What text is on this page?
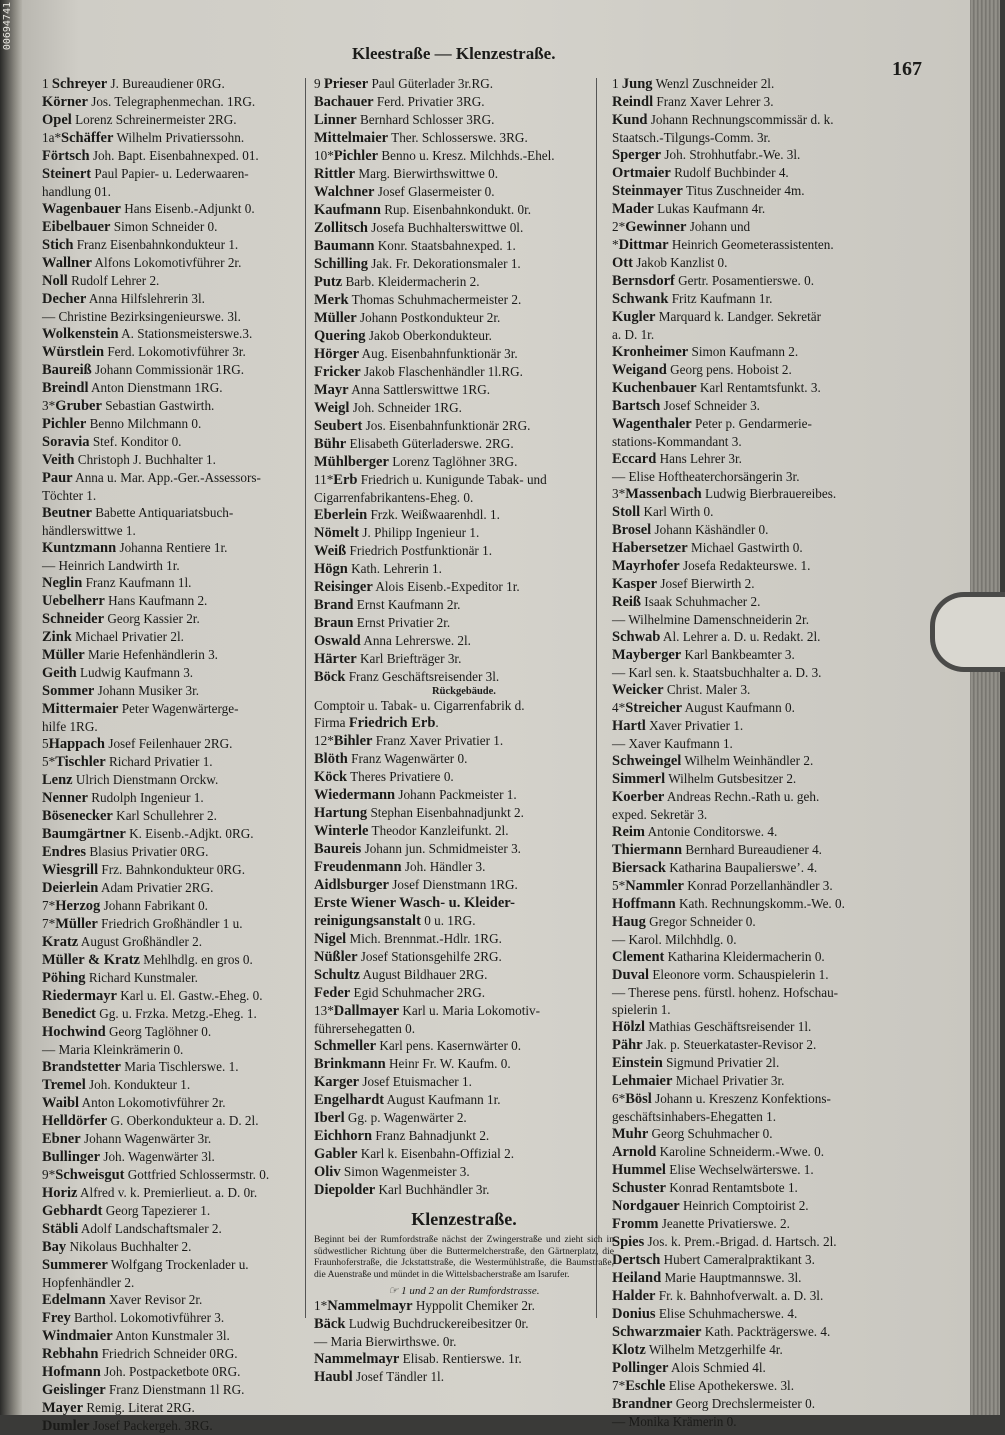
00694741
Kleestraße — Klenzestraße.
167
1 Schreyer J. Bureaudiener 0RG.
Körner Jos. Telegraphenmechan. 1RG.
Opel Lorenz Schreinermeister 2RG.
1a*Schäffer Wilhelm Privatierssohn.
Förtsch Joh. Bapt. Eisenbahnexped. 01.
Steinert Paul Papier- u. Lederwaaren-
handlung 01.
Wagenbauer Hans Eisenb.-Adjunkt 0.
Eibelbauer Simon Schneider 0.
Stich Franz Eisenbahnkondukteur 1.
Wallner Alfons Lokomotivführer 2r.
Noll Rudolf Lehrer 2.
Decher Anna Hilfslehrerin 3l.
— Christine Bezirksingenieurswe. 3l.
Wolkenstein A. Stationsmeisterswe.3.
Würstlein Ferd. Lokomotivführer 3r.
Baureiß Johann Commissionär 1RG.
Breindl Anton Dienstmann 1RG.
3*Gruber Sebastian Gastwirth.
Pichler Benno Milchmann 0.
Soravia Stef. Konditor 0.
Veith Christoph J. Buchhalter 1.
Paur Anna u. Mar. App.-Ger.-Assessors-
Töchter 1.
Beutner Babette Antiquariatsbuch-
händlerswittwe 1.
Kuntzmann Johanna Rentiere 1r.
— Heinrich Landwirth 1r.
Neglin Franz Kaufmann 1l.
Uebelherr Hans Kaufmann 2.
Schneider Georg Kassier 2r.
Zink Michael Privatier 2l.
Müller Marie Hefenhändlerin 3.
Geith Ludwig Kaufmann 3.
Sommer Johann Musiker 3r.
Mittermaier Peter Wagenwärterge-
hilfe 1RG.
5Happach Josef Feilenhauer 2RG.
5*Tischler Richard Privatier 1.
Lenz Ulrich Dienstmann Orckw.
Nenner Rudolph Ingenieur 1.
Bösenecker Karl Schullehrer 2.
Baumgärtner K. Eisenb.-Adjkt. 0RG.
Endres Blasius Privatier 0RG.
Wiesgrill Frz. Bahnkondukteur 0RG.
Deierlein Adam Privatier 2RG.
7*Herzog Johann Fabrikant 0.
7*Müller Friedrich Großhändler 1 u.
Kratz August Großhändler 2.
Müller & Kratz Mehlhdlg. en gros 0.
Pöhing Richard Kunstmaler.
Riedermayr Karl u. El. Gastw.-Eheg. 0.
Benedict Gg. u. Frzka. Metzg.-Eheg. 1.
Hochwind Georg Taglöhner 0.
— Maria Kleinkrämerin 0.
Brandstetter Maria Tischlerswe. 1.
Tremel Joh. Kondukteur 1.
Waibl Anton Lokomotivführer 2r.
Helldörfer G. Oberkondukteur a. D. 2l.
Ebner Johann Wagenwärter 3r.
Bullinger Joh. Wagenwärter 3l.
9*Schweisgut Gottfried Schlossermstr. 0.
Horiz Alfred v. k. Premierlieut. a. D. 0r.
Gebhardt Georg Tapezierer 1.
Stäbli Adolf Landschaftsmaler 2.
Bay Nikolaus Buchhalter 2.
Summerer Wolfgang Trockenlader u.
Hopfenhändler 2.
Edelmann Xaver Revisor 2r.
Frey Barthol. Lokomotivführer 3.
Windmaier Anton Kunstmaler 3l.
Rebhahn Friedrich Schneider 0RG.
Hofmann Joh. Postpacketbote 0RG.
Geislinger Franz Dienstmann 1l RG.
Mayer Remig. Literat 2RG.
Dumler Josef Packergeh. 3RG.
9 Prieser Paul Güterlader 3r.RG.
Bachauer Ferd. Privatier 3RG.
Linner Bernhard Schlosser 3RG.
Mittelmaier Ther. Schlosserswe. 3RG.
10*Pichler Benno u. Kresz. Milchhds.-Ehel.
Rittler Marg. Bierwirthswittwe 0.
Walchner Josef Glasermeister 0.
Kaufmann Rup. Eisenbahnkondukt. 0r.
Zollitsch Josefa Buchhalterswittwe 0l.
Baumann Konr. Staatsbahnexped. 1.
Schilling Jak. Fr. Dekorationsmaler 1.
Putz Barb. Kleidermacherin 2.
Merk Thomas Schuhmachermeister 2.
Müller Johann Postkondukteur 2r.
Quering Jakob Oberkondukteur.
Hörger Aug. Eisenbahnfunktionär 3r.
Fricker Jakob Flaschenhändler 1l.RG.
Mayr Anna Sattlerswittwe 1RG.
Weigl Joh. Schneider 1RG.
Seubert Jos. Eisenbahnfunktionär 2RG.
Bühr Elisabeth Güterladerswe. 2RG.
Mühlberger Lorenz Taglöhner 3RG.
11*Erb Friedrich u. Kunigunde Tabak- und
Cigarrenfabrikantens-Eheg. 0.
Eberlein Frzk. Weißwaarenhdl. 1.
Nömelt J. Philipp Ingenieur 1.
Weiß Friedrich Postfunktionär 1.
Högn Kath. Lehrerin 1.
Reisinger Alois Eisenb.-Expeditor 1r.
Brand Ernst Kaufmann 2r.
Braun Ernst Privatier 2r.
Oswald Anna Lehrerswe. 2l.
Härter Karl Briefträger 3r.
Böck Franz Geschäftsreisender 3l.
Rückgebäude.
Comptoir u. Tabak- u. Cigarrenfabrik d.
Firma Friedrich Erb.
12*Bihler Franz Xaver Privatier 1.
Blöth Franz Wagenwärter 0.
Köck Theres Privatiere 0.
Wiedermann Johann Packmeister 1.
Hartung Stephan Eisenbahnadjunkt 2.
Winterle Theodor Kanzleifunkt. 2l.
Baureis Johann jun. Schmidmeister 3.
Freudenmann Joh. Händler 3.
Aidlsburger Josef Dienstmann 1RG.
Erste Wiener Wasch- u. Kleider-
reinigungsanstalt 0 u. 1RG.
Nigel Mich. Brennmat.-Hdlr. 1RG.
Nüßler Josef Stationsgehilfe 2RG.
Schultz August Bildhauer 2RG.
Feder Egid Schuhmacher 2RG.
13*Dallmayer Karl u. Maria Lokomotiv-
führersehegatten 0.
Schmeller Karl pens. Kasernwärter 0.
Brinkmann Heinr Fr. W. Kaufm. 0.
Karger Josef Etuismacher 1.
Engelhardt August Kaufmann 1r.
Iberl Gg. p. Wagenwärter 2.
Eichhorn Franz Bahnadjunkt 2.
Gabler Karl k. Eisenbahn-Offizial 2.
Oliv Simon Wagenmeister 3.
Diepolder Karl Buchhändler 3r.
Klenzestraße.
Beginnt bei der Rumfordstraße nächst der Zwingerstraße und zieht sich in südwestlicher Richtung über die Buttermelcherstraße, den Gärtnerplatz, die Fraunhoferstraße, die Jckstattstraße, die Westermühlstraße, die Baumstraße, die Auenstraße und mündet in die Wittelsbacherstraße am Isarufer.
☞ 1 und 2 an der Rumfordstrasse.
1*Nammelmayr Hyppolit Chemiker 2r.
Bäck Ludwig Buchdruckereibesitzer 0r.
— Maria Bierwirthswe. 0r.
Nammelmayr Elisab. Rentierswe. 1r.
Haubl Josef Tändler 1l.
1 Jung Wenzl Zuschneider 2l.
Reindl Franz Xaver Lehrer 3.
Kund Johann Rechnungscommissär d. k.
Staatsch.-Tilgungs-Comm. 3r.
Sperger Joh. Strohhutfabr.-We. 3l.
Ortmaier Rudolf Buchbinder 4.
Steinmayer Titus Zuschneider 4m.
Mader Lukas Kaufmann 4r.
2*Gewinner Johann und
*Dittmar Heinrich Geometerassistenten.
Ott Jakob Kanzlist 0.
Bernsdorf Gertr. Posamentierswe. 0.
Schwank Fritz Kaufmann 1r.
Kugler Marquard k. Landger. Sekretär
a. D. 1r.
Kronheimer Simon Kaufmann 2.
Weigand Georg pens. Hoboist 2.
Kuchenbauer Karl Rentamtsfunkt. 3.
Bartsch Josef Schneider 3.
Wagenthaler Peter p. Gendarmerie-
stations-Kommandant 3.
Eccard Hans Lehrer 3r.
— Elise Hoftheaterchorsängerin 3r.
3*Massenbach Ludwig Bierbrauereibes.
Stoll Karl Wirth 0.
Brosel Johann Käshändler 0.
Habersetzer Michael Gastwirth 0.
Mayrhofer Josefa Redakteurswe. 1.
Kasper Josef Bierwirth 2.
Reiß Isaak Schuhmacher 2.
— Wilhelmine Damenschneiderin 2r.
Schwab Al. Lehrer a. D. u. Redakt. 2l.
Mayberger Karl Bankbeamter 3.
— Karl sen. k. Staatsbuchhalter a. D. 3.
Weicker Christ. Maler 3.
4*Streicher August Kaufmann 0.
Hartl Xaver Privatier 1.
— Xaver Kaufmann 1.
Schweingel Wilhelm Weinhändler 2.
Simmerl Wilhelm Gutsbesitzer 2.
Koerber Andreas Rechn.-Rath u. geh.
exped. Sekretär 3.
Reim Antonie Conditorswe. 4.
Thiermann Bernhard Bureaudiener 4.
Biersack Katharina Baupaliersweʼ. 4.
5*Nammler Konrad Porzellanhändler 3.
Hoffmann Kath. Rechnungskomm.-We. 0.
Haug Gregor Schneider 0.
— Karol. Milchhdlg. 0.
Clement Katharina Kleidermacherin 0.
Duval Eleonore vorm. Schauspielerin 1.
— Therese pens. fürstl. hohenz. Hofschau-
spielerin 1.
Hölzl Mathias Geschäftsreisender 1l.
Pähr Jak. p. Steuerkataster-Revisor 2.
Einstein Sigmund Privatier 2l.
Lehmaier Michael Privatier 3r.
6*Bösl Johann u. Kreszenz Konfektions-
geschäftsinhabers-Ehegatten 1.
Muhr Georg Schuhmacher 0.
Arnold Karoline Schneiderm.-Wwe. 0.
Hummel Elise Wechselwärterswe. 1.
Schuster Konrad Rentamtsbote 1.
Nordgauer Heinrich Comptoirist 2.
Fromm Jeanette Privatierswe. 2.
Spies Jos. k. Prem.-Brigad. d. Hartsch. 2l.
Dertsch Hubert Cameralpraktikant 3.
Heiland Marie Hauptmannswe. 3l.
Halder Fr. k. Bahnhofverwalt. a. D. 3l.
Donius Elise Schuhmacherswe. 4.
Schwarzmaier Kath. Packträgerswe. 4.
Klotz Wilhelm Metzgerhilfe 4r.
Pollinger Alois Schmied 4l.
7*Eschle Elise Apothekerswe. 3l.
Brandner Georg Drechslermeister 0.
— Monika Krämerin 0.
